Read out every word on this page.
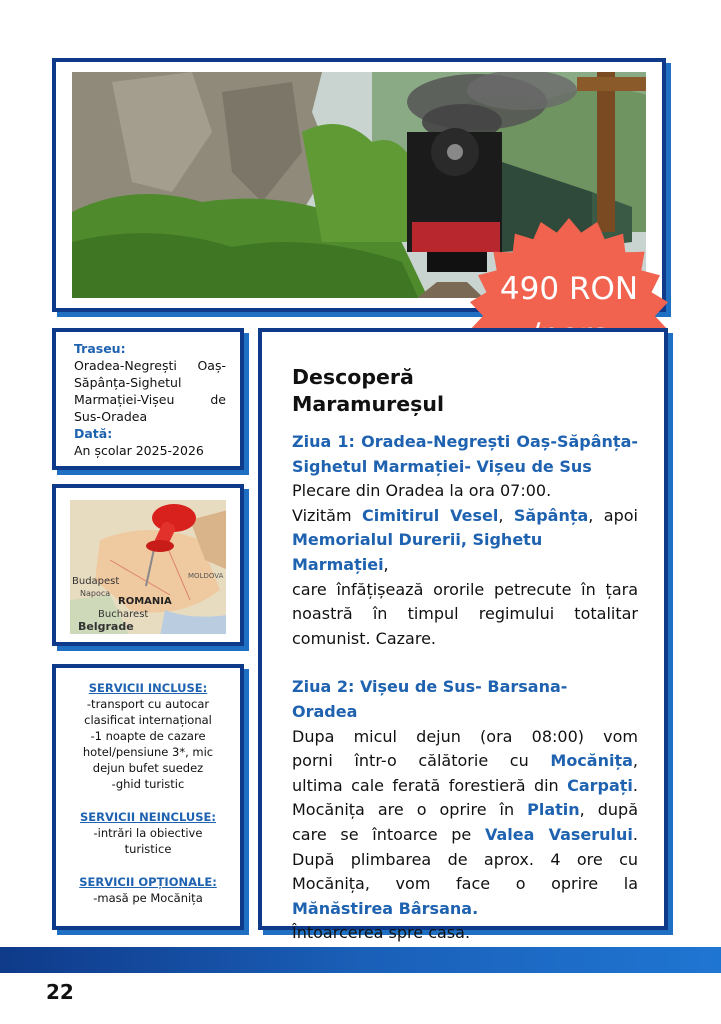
490 RON
Traseu:
Oradea-Negrești Oaș-
Săpânța-Sighetul
Marmației-Vișeu de
Sus-Oradea
Dată:
An școlar 2025-2026
Budapest
Napoca
ROMANIA
Bucharest
Belgrade
MOLDOVA
SERVICII INCLUSE:
-transport cu autocar
clasificat internațional
-1 noapte de cazare
hotel/pensiune 3*, mic
dejun bufet suedez
-ghid turistic
SERVICII NEINCLUSE:
-intrări la obiective
turistice
SERVICII OPȚIONALE:
-masă pe Mocănița
Descoperă
Maramureșul
Ziua 1: Oradea-Negrești Oaș-Săpânța-
Sighetul Marmației- Vișeu de Sus
Plecare din Oradea la ora 07:00.
Vizităm Cimitirul Vesel, Săpânța, apoi
Memorialul Durerii, Sighetu Marmației,
care înfățișează ororile petrecute în țara
noastră în timpul regimului totalitar
comunist. Cazare.
Ziua 2: Vișeu de Sus- Barsana- Oradea
Dupa micul dejun (ora 08:00) vom
porni într-o călătorie cu Mocănița,
ultima cale ferată forestieră din Carpați.
Mocănița are o oprire în Platin, după
care se întoarce pe Valea Vaserului.
După plimbarea de aprox. 4 ore cu
Mocănița, vom face o oprire la
Mănăstirea Bârsana.
Întoarcerea spre casa.
22
